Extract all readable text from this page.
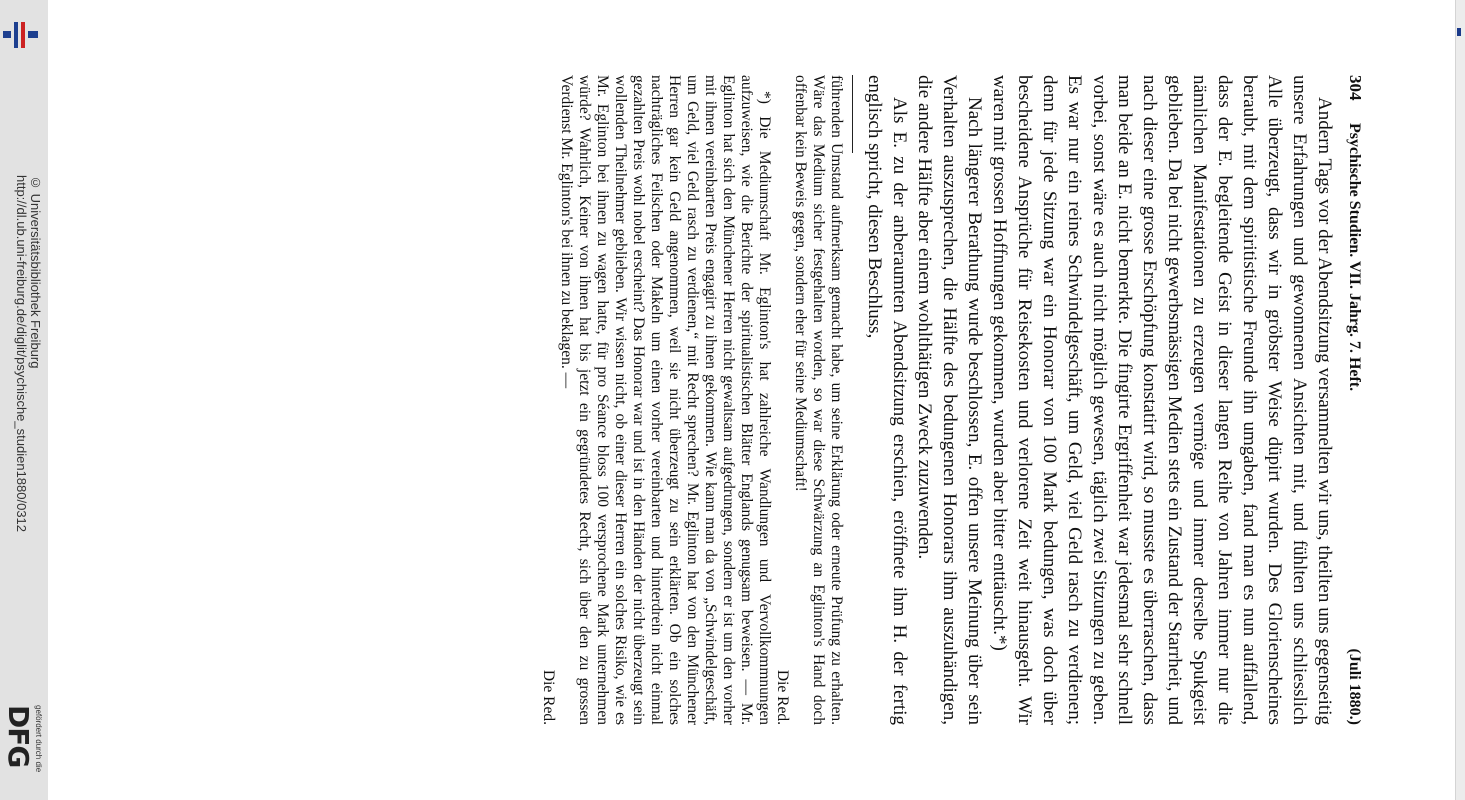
http://dl.ub.uni-freiburg.de/diglit/psychische_studien1880/0312 © Universitätsbibliothek Freiburg
DFG gefördert durch die
304
Psychische Studien. VII. Jahrg. 7. Heft.
(Juli 1880.)

Andern Tags vor der Abendsitzung versammelten wir uns, theilten uns gegenseitig unsere Erfahrungen und gewonnenen Ansichten mit, und fühlten uns schliesslich Alle überzeugt, dass wir in gröbster Weise düpirt wurden. Des Glorienscheines beraubt, mit dem spiritistische Freunde ihn umgaben, fand man es nun auffallend, dass der E. begleitende Geist in dieser langen Reihe von Jahren immer nur die nämlichen Manifestationen zu erzeugen vermöge und immer derselbe Spukgeist geblieben. Da bei nicht gewerbsmässigen Medien stets ein Zustand der Starrheit, und nach dieser eine grosse Erschöpfung konstatirt wird, so musste es überraschen, dass man beide an E. nicht bemerkte. Die fingirte Ergriffenheit war jedesmal sehr schnell vorbei, sonst wäre es auch nicht möglich gewesen, täglich zwei Sitzungen zu geben. Es war nur ein reines Schwindelgeschäft, um Geld, viel Geld rasch zu verdienen; denn für jede Sitzung war ein Honorar von 100 Mark bedungen, was doch über bescheidene Ansprüche für Reisekosten und verlorene Zeit weit hinausgeht. Wir waren mit grossen Hoffnungen gekommen, wurden aber bitter enttäuscht.*)

Nach längerer Berathung wurde beschlossen, E. offen unsere Meinung über sein Verhalten auszusprechen, die Hälfte des bedungenen Honorars ihm auszuhändigen, die andere Hälfte aber einem wohlthätigen Zweck zuzuwenden.

Als E. zu der anberaumten Abendsitzung erschien, eröffnete ihm H. der fertig englisch spricht, diesen Beschluss,

führenden Umstand aufmerksam gemacht habe, um seine Erklärung oder erneute Prüfung zu erhalten. Wäre das Medium sicher festgehalten worden, so war diese Schwärzung an Eglinton's Hand doch offenbar kein Beweis gegen, sondern eher für seine Mediumschaft!

Die Red.

*) Die Mediumschaft Mr. Eglinton's hat zahlreiche Wandlungen und Vervollkommnungen aufzuweisen, wie die Berichte der spiritualistischen Blätter Englands genugsam beweisen. — Mr. Eglinton hat sich den Münchener Herren nicht gewaltsam aufgedrungen, sondern er ist um den vorher mit ihnen vereinbarten Preis engagirt zu ihnen gekommen. Wie kann man da von „Schwindelgeschäft, um Geld, viel Geld rasch zu verdienen,“ mit Recht sprechen? Mr. Eglinton hat von den Münchener Herren gar kein Geld angenommen, weil sie nicht überzeugt zu sein erklärten. Ob ein solches nachträgliches Feilschen oder Makeln um einen vorher vereinbarten und hinterdrein nicht einmal gezahlten Preis wohl nobel erscheint? Das Honorar war und ist in den Händen der nicht überzeugt sein wollenden Theilnehmer geblieben. Wir wissen nicht, ob einer dieser Herren ein solches Risiko, wie es Mr. Eglinton bei ihnen zu wagen hatte, für pro Séance bloss 100 versprochene Mark unternehmen würde? Wahrlich, Keiner von ihnen hat bis jetzt ein gegründetes Recht, sich über den zu grossen Verdienst Mr. Eglinton's bei ihnen zu beklagen. —

Die Red.
